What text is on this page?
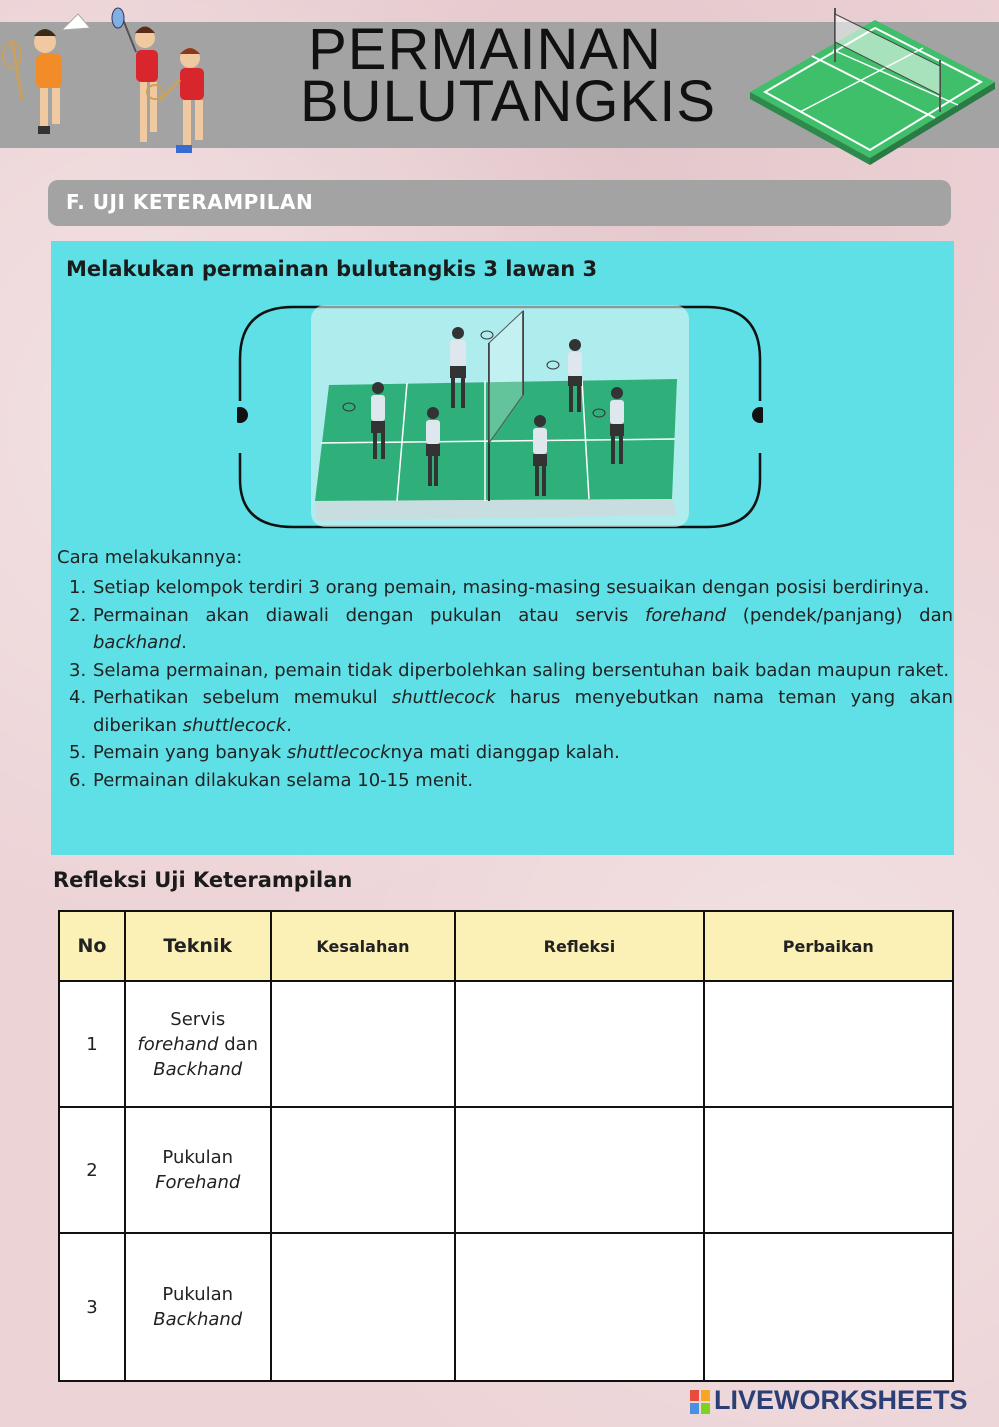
PERMAINAN
BULUTANGKIS
F. UJI KETERAMPILAN
Melakukan permainan bulutangkis 3 lawan 3
Cara melakukannya:
1. Setiap kelompok terdiri 3 orang pemain, masing-masing sesuaikan dengan posisi berdirinya.
2. Permainan akan diawali dengan pukulan atau servis forehand (pendek/panjang) dan backhand.
3. Selama permainan, pemain tidak diperbolehkan saling bersentuhan baik badan maupun raket.
4. Perhatikan sebelum memukul shuttlecock harus menyebutkan nama teman yang akan diberikan shuttlecock.
5. Pemain yang banyak shuttlecocknya mati dianggap kalah.
6. Permainan dilakukan selama 10-15 menit.
Refleksi Uji Keterampilan
No	Teknik	Kesalahan	Refleksi	Perbaikan
1	Servis
forehand dan
Backhand			
2	Pukulan
Forehand			
3	Pukulan
Backhand			
LIVEWORKSHEETS
